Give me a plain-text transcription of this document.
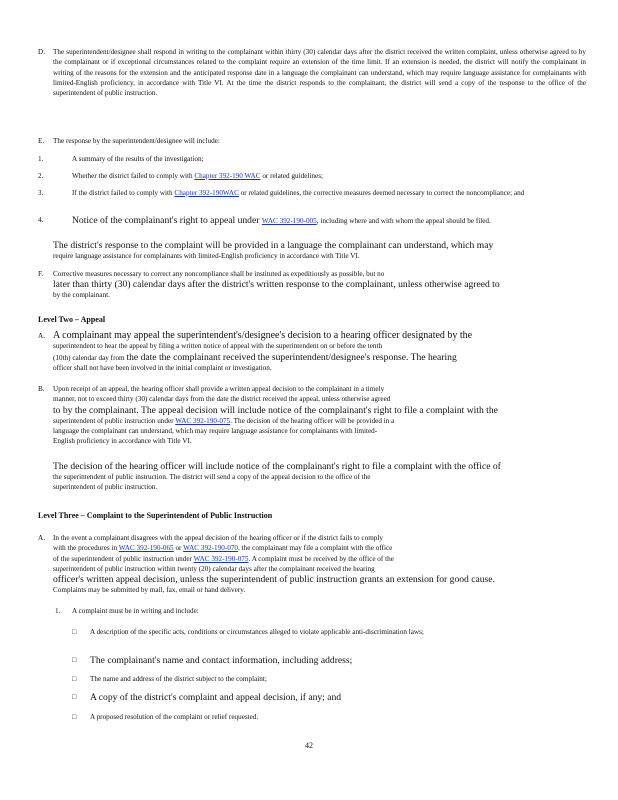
D. The superintendent/designee shall respond in writing to the complainant within thirty (30) calendar days after the district received the written complaint, unless otherwise agreed to by the complainant or if exceptional circumstances related to the complaint require an extension of the time limit. If an extension is needed, the district will notify the complainant in writing of the reasons for the extension and the anticipated response date in a language the complainant can understand, which may require language assistance for complainants with limited-English proficiency, in accordance with Title VI. At the time the district responds to the complainant, the district will send a copy of the response to the office of the superintendent of public instruction.
E. The response by the superintendent/designee will include:
1.	A summary of the results of the investigation;
2.	Whether the district failed to comply with Chapter 392-190 WAC or related guidelines;
3.	If the district failed to comply with Chapter 392-190WAC or related guidelines, the corrective measures deemed necessary to correct the noncompliance; and
4.	Notice of the complainant's right to appeal under WAC 392-190-005, including where and with whom the appeal should be filed.
The district's response to the complaint will be provided in a language the complainant can understand, which may
require language assistance for complainants with limited-English proficiency in accordance with Title VI.
F. Corrective measures necessary to correct any noncompliance shall be instituted as expeditiously as possible, but no
later than thirty (30) calendar days after the district's written response to the complainant, unless otherwise agreed to
by the complainant.
Level Two – Appeal
A. A complainant may appeal the superintendent's/designee's decision to a hearing officer designated by the
superintendent to hear the appeal by filing a written notice of appeal with the superintendent on or before the tenth
(10th) calendar day from the date the complainant received the superintendent/designee's response. The hearing
officer shall not have been involved in the initial complaint or investigation.
B. Upon receipt of an appeal, the hearing officer shall provide a written appeal decision to the complainant in a timely
manner, not to exceed thirty (30) calendar days from the date the district received the appeal, unless otherwise agreed
to by the complainant. The appeal decision will include notice of the complainant's right to file a complaint with the
superintendent of public instruction under WAC 392-190-075. The decision of the hearing officer will be provided in a
language the complainant can understand, which may require language assistance for complainants with limited-
English proficiency in accordance with Title VI.
The decision of the hearing officer will include notice of the complainant's right to file a complaint with the office of
the superintendent of public instruction. The district will send a copy of the appeal decision to the office of the
superintendent of public instruction.
Level Three – Complaint to the Superintendent of Public Instruction
A. In the event a complainant disagrees with the appeal decision of the hearing officer or if the district fails to comply
with the procedures in WAC 392-190-065 or WAC 392-190-070, the complainant may file a complaint with the office
of the superintendent of public instruction under WAC 392-190-075. A complaint must be received by the office of the
superintendent of public instruction within twenty (20) calendar days after the complainant received the hearing
officer's written appeal decision, unless the superintendent of public instruction grants an extension for good cause.
Complaints may be submitted by mail, fax, email or hand delivery.
1. A complaint must be in writing and include:
□ A description of the specific acts, conditions or circumstances alleged to violate applicable anti-discrimination laws;
□ The complainant's name and contact information, including address;
□ The name and address of the district subject to the complaint;
□ A copy of the district's complaint and appeal decision, if any; and
□ A proposed resolution of the complaint or relief requested.
42
